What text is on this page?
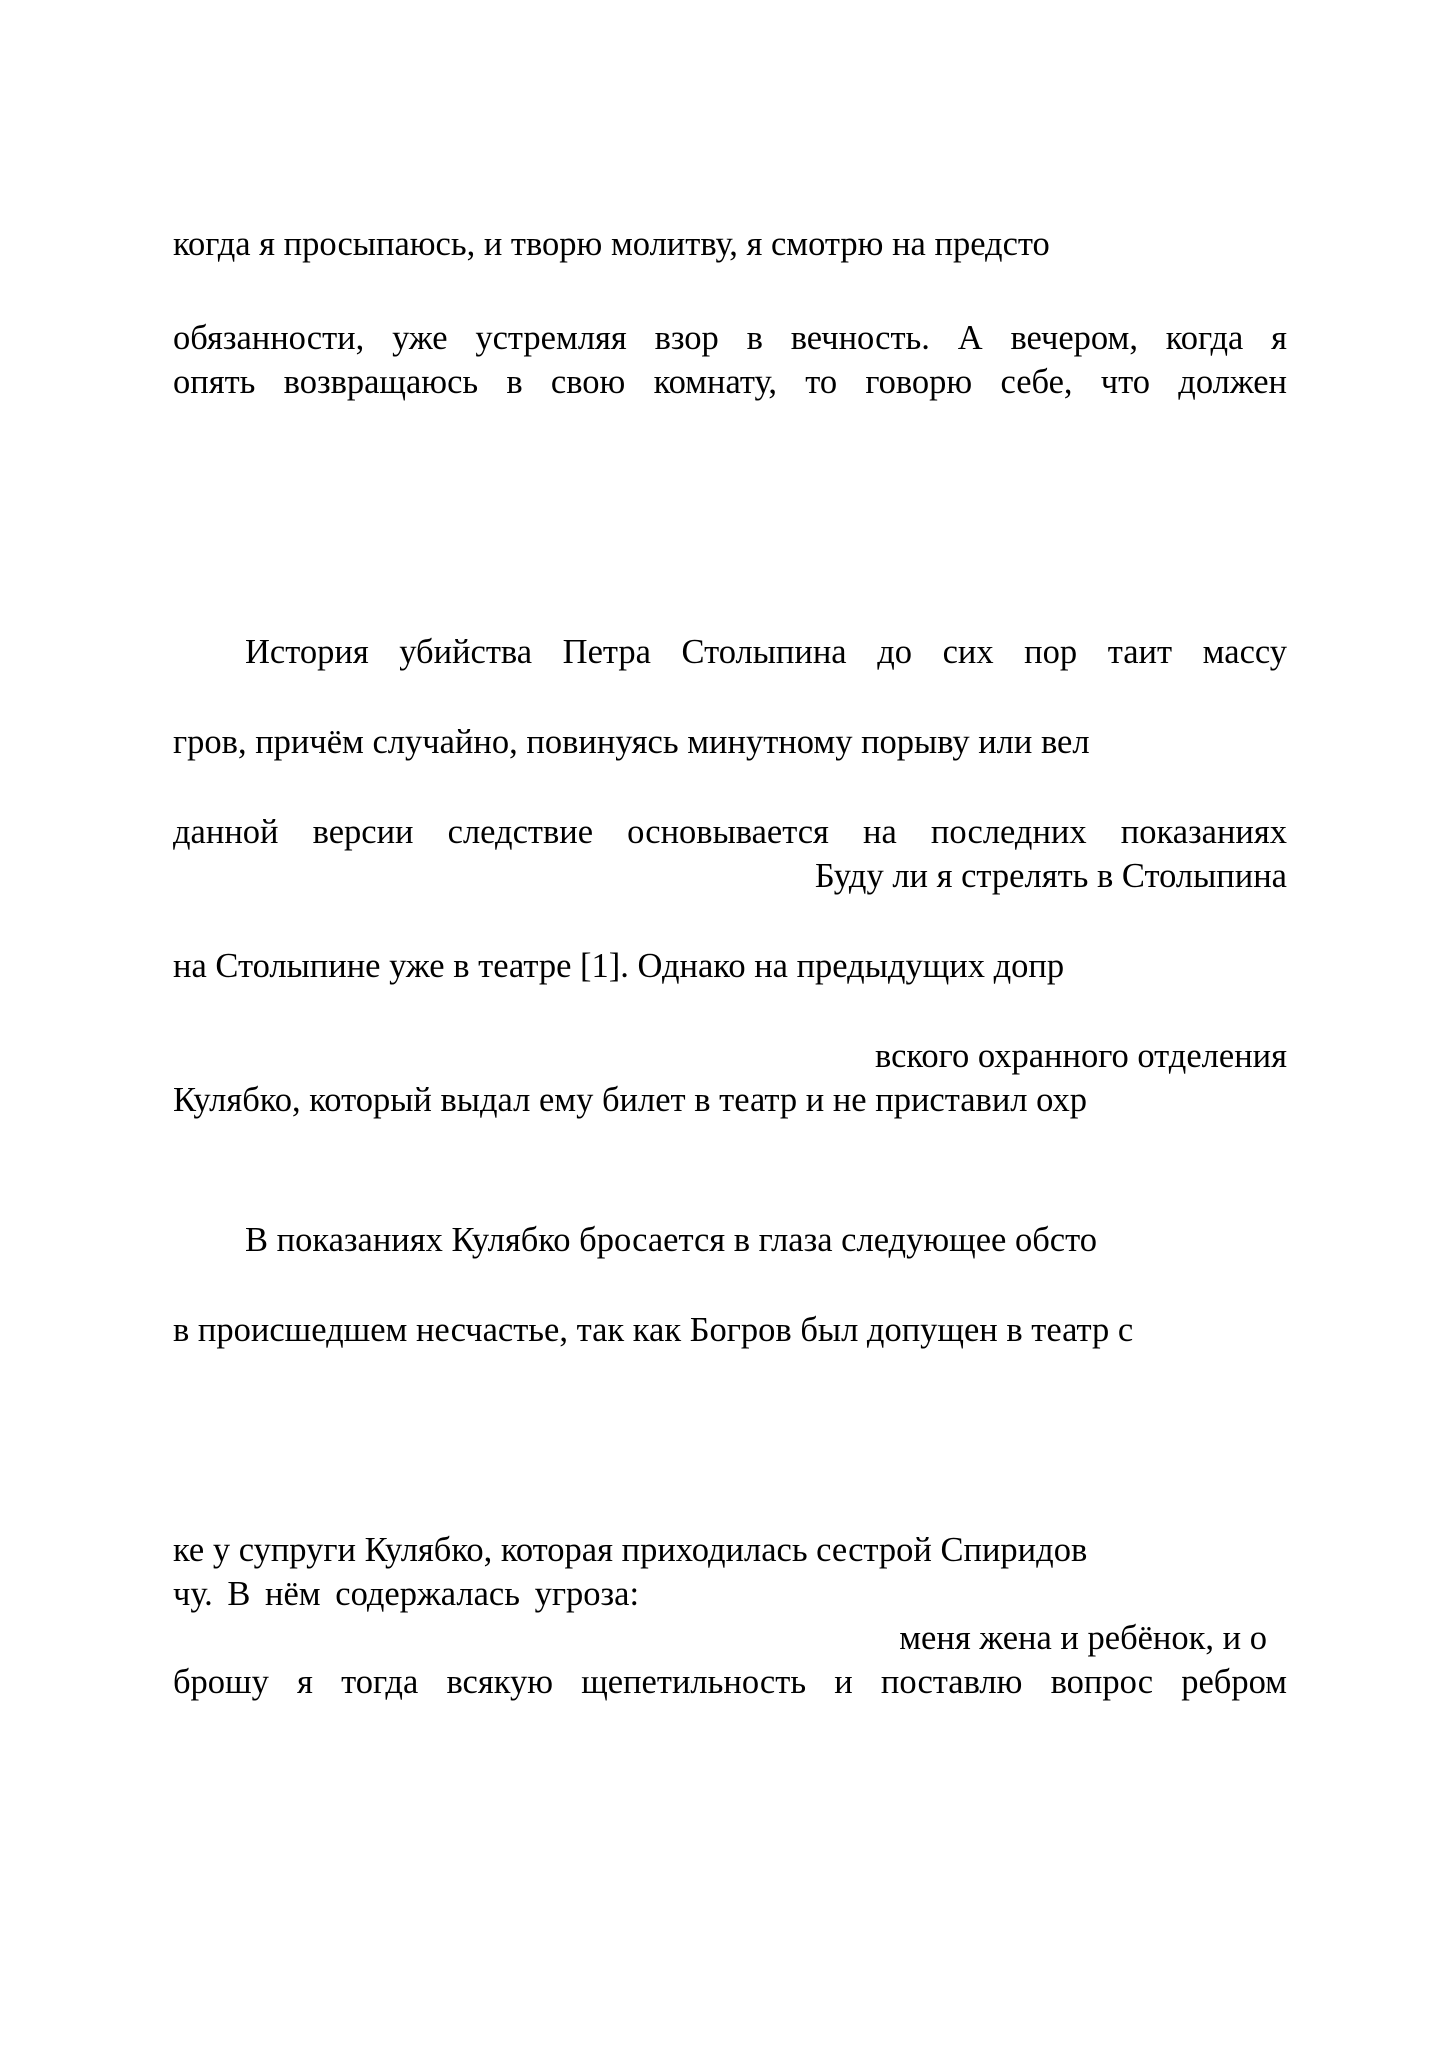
когда я просыпаюсь, и творю молитву, я смотрю на предсто
обязанности, уже устремляя взор в вечность. А вечером, когда я
опять возвращаюсь в свою комнату, то говорю себе, что должен
История убийства Петра Столыпина до сих пор таит массу
гров, причём случайно, повинуясь минутному порыву или вел
данной версии следствие основывается на последних показаниях
Буду ли я стрелять в Столыпина
на Столыпине уже в театре [1]. Однако на предыдущих допр
вского охранного отделения
Кулябко, который выдал ему билет в театр и не приставил охр
В показаниях Кулябко бросается в глаза следующее обсто
в происшедшем несчастье, так как Богров был допущен в театр с
ке у супруги Кулябко, которая приходилась сестрой Спиридов
чу. В нём содержалась угроза:
меня жена и ребёнок, и о
брошу я тогда всякую щепетильность и поставлю вопрос ребром
